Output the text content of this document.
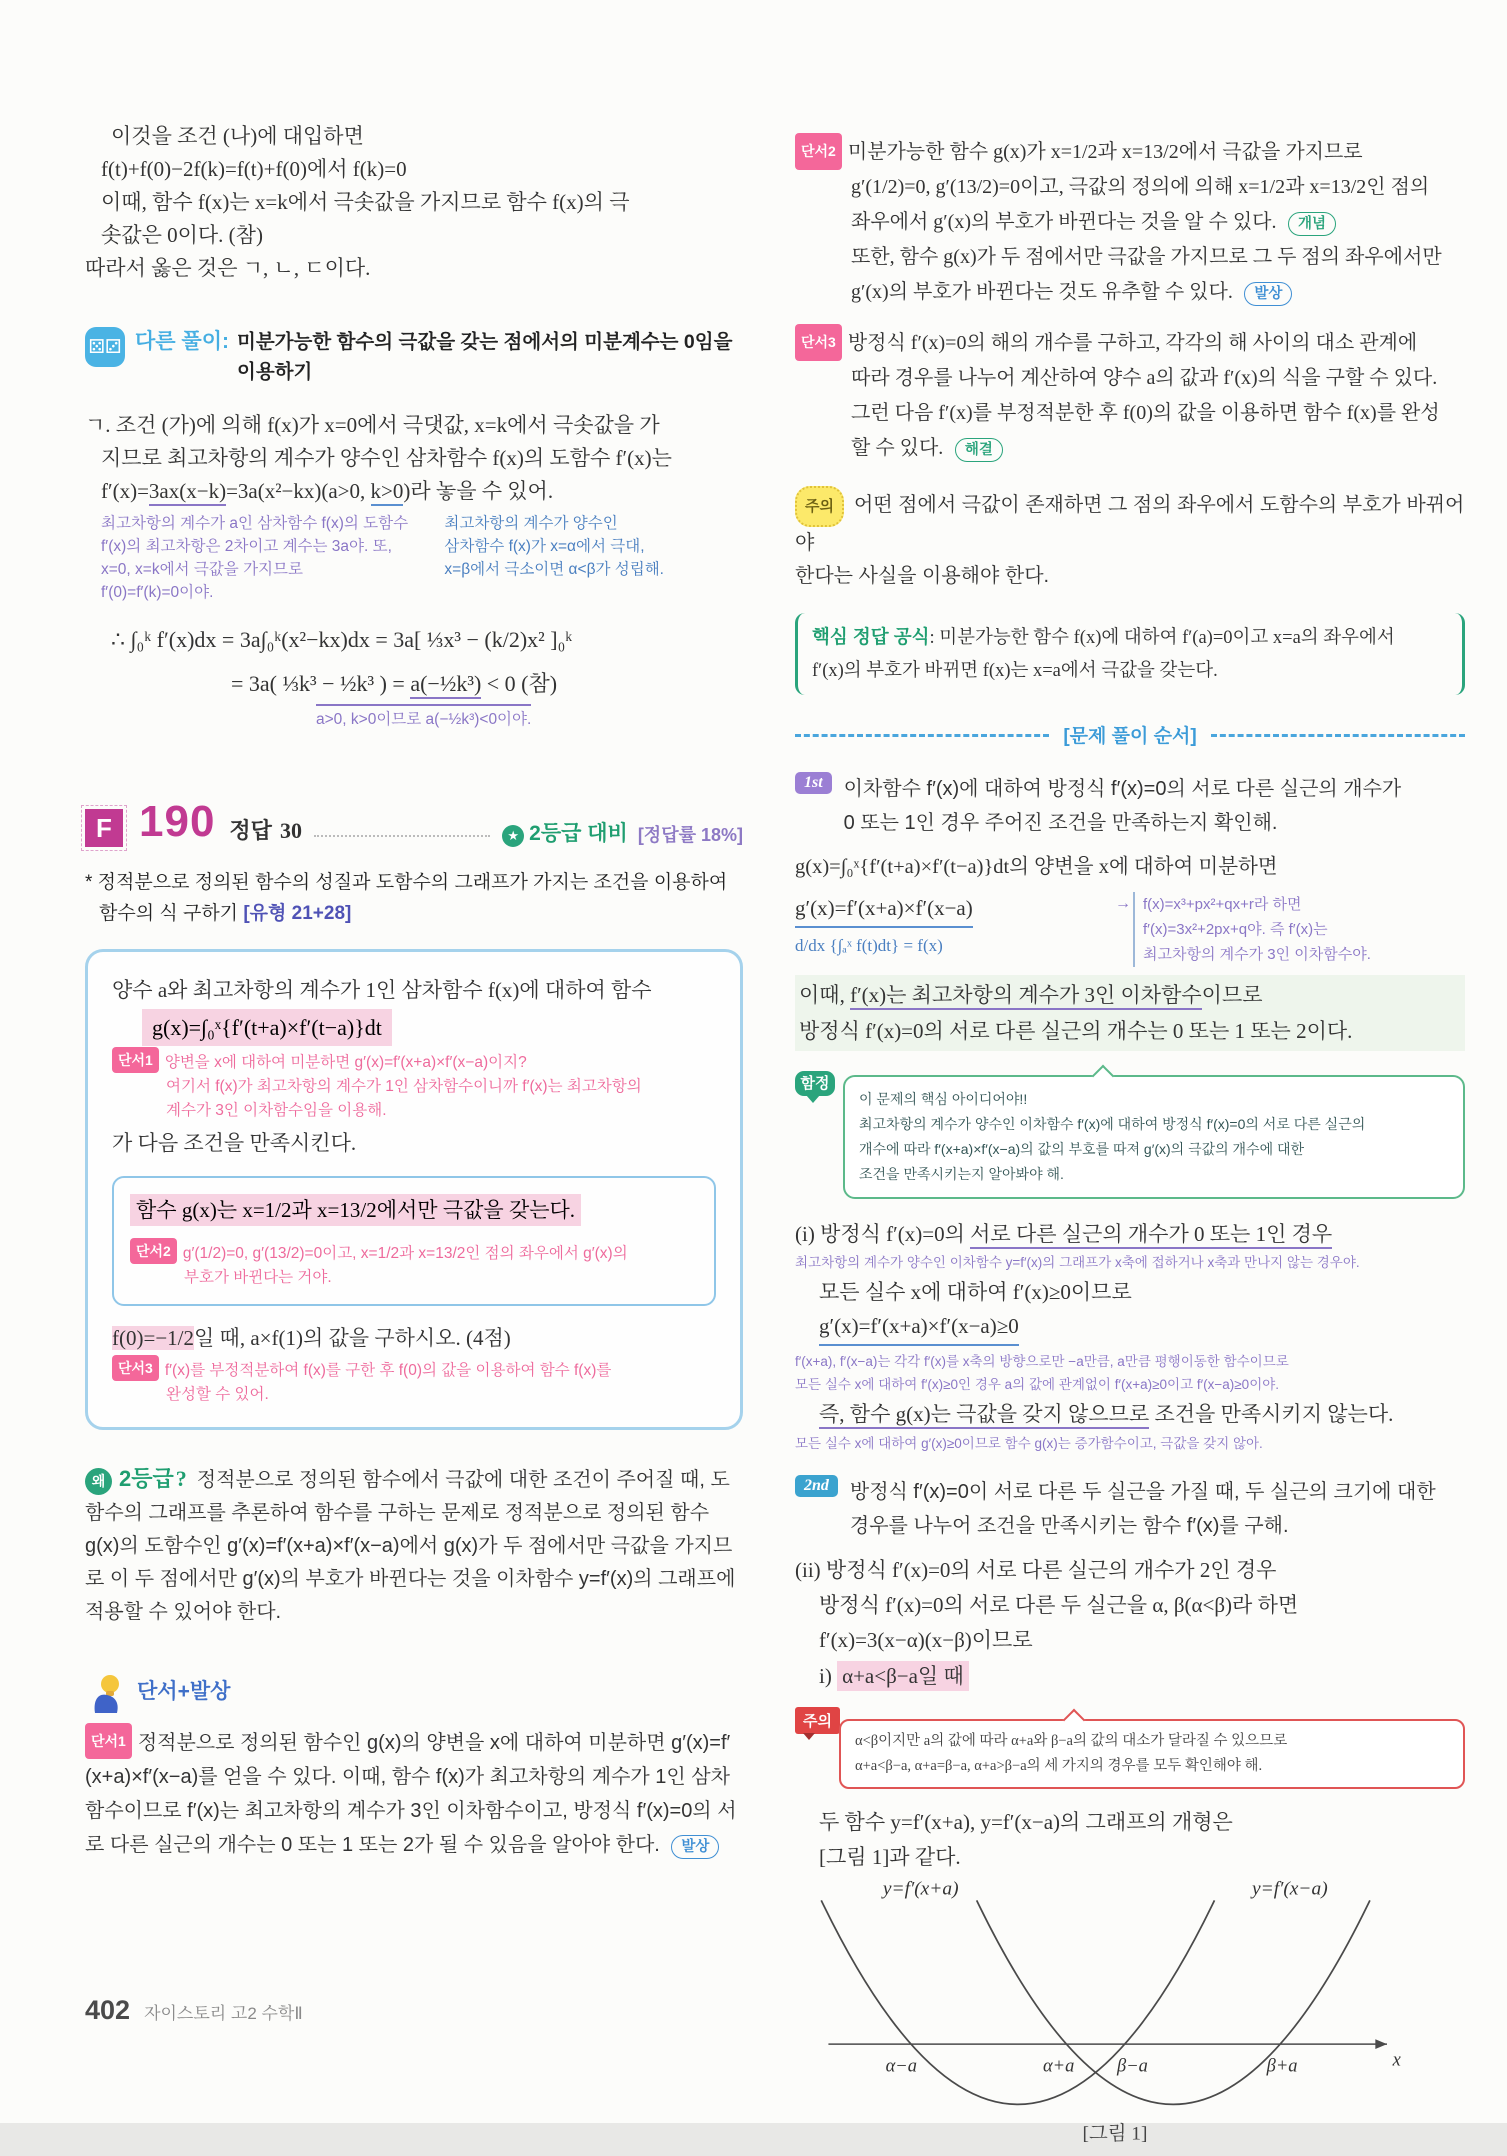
이것을 조건 (나)에 대입하면
f(t)+f(0)−2f(k)=f(t)+f(0)에서 f(k)=0
이때, 함수 f(x)는 x=k에서 극솟값을 가지므로 함수 f(x)의 극
솟값은 0이다. (참)
따라서 옳은 것은 ㄱ, ㄴ, ㄷ이다.
⚄⚂ 다른 풀이: 미분가능한 함수의 극값을 갖는 점에서의 미분계수는 0임을
이용하기
ㄱ. 조건 (가)에 의해 f(x)가 x=0에서 극댓값, x=k에서 극솟값을 가
지므로 최고차항의 계수가 양수인 삼차함수 f(x)의 도함수 f′(x)는
f′(x)=3ax(x−k)=3a(x²−kx)(a>0, k>0)라 놓을 수 있어.
최고차항의 계수가 a인 삼차함수 f(x)의 도함수
f′(x)의 최고차항은 2차이고 계수는 3a야. 또,
x=0, x=k에서 극값을 가지므로
f′(0)=f′(k)=0이야.
최고차항의 계수가 양수인
삼차함수 f(x)가 x=α에서 극대,
x=β에서 극소이면 α<β가 성립해.
∴ ∫₀ᵏ f′(x)dx = 3a∫₀ᵏ(x²−kx)dx = 3a[ ⅓x³ − (k/2)x² ]₀ᵏ
= 3a( ⅓k³ − ½k³ ) = a(−½k³) < 0 (참)
a>0, k>0이므로 a(−½k³)<0이야.
F 190 정답 30	★ 2등급 대비 [정답률 18%]
* 정적분으로 정의된 함수의 성질과 도함수의 그래프가 가지는 조건을 이용하여
함수의 식 구하기 [유형 21+28]
양수 a와 최고차항의 계수가 1인 삼차함수 f(x)에 대하여 함수
g(x)=∫₀ˣ{f′(t+a)×f′(t−a)}dt
단서1 양변을 x에 대하여 미분하면 g′(x)=f′(x+a)×f′(x−a)이지?
여기서 f(x)가 최고차항의 계수가 1인 삼차함수이니까 f′(x)는 최고차항의
계수가 3인 이차함수임을 이용해.
가 다음 조건을 만족시킨다.
함수 g(x)는 x=1/2과 x=13/2에서만 극값을 갖는다.
단서2 g′(1/2)=0, g′(13/2)=0이고, x=1/2과 x=13/2인 점의 좌우에서 g′(x)의
부호가 바뀐다는 거야.
f(0)=−1/2일 때, a×f(1)의 값을 구하시오. (4점)
단서3 f′(x)를 부정적분하여 f(x)를 구한 후 f(0)의 값을 이용하여 함수 f(x)를
완성할 수 있어.
왜 2등급? 정적분으로 정의된 함수에서 극값에 대한 조건이 주어질 때, 도함수의 그래프를 추론하여 함수를 구하는 문제로 정적분으로 정의된 함수 g(x)의 도함수인 g′(x)=f′(x+a)×f′(x−a)에서 g(x)가 두 점에서만 극값을 가지므로 이 두 점에서만 g′(x)의 부호가 바뀐다는 것을 이차함수 y=f′(x)의 그래프에 적용할 수 있어야 한다.
단서+발상
단서1 정적분으로 정의된 함수인 g(x)의 양변을 x에 대하여 미분하면 g′(x)=f′(x+a)×f′(x−a)를 얻을 수 있다. 이때, 함수 f(x)가 최고차항의 계수가 1인 삼차함수이므로 f′(x)는 최고차항의 계수가 3인 이차함수이고, 방정식 f′(x)=0의 서로 다른 실근의 개수는 0 또는 1 또는 2가 될 수 있음을 알아야 한다. 발상
단서2 미분가능한 함수 g(x)가 x=1/2과 x=13/2에서 극값을 가지므로
g′(1/2)=0, g′(13/2)=0이고, 극값의 정의에 의해 x=1/2과 x=13/2인 점의
좌우에서 g′(x)의 부호가 바뀐다는 것을 알 수 있다. 개념
또한, 함수 g(x)가 두 점에서만 극값을 가지므로 그 두 점의 좌우에서만
g′(x)의 부호가 바뀐다는 것도 유추할 수 있다. 발상
단서3 방정식 f′(x)=0의 해의 개수를 구하고, 각각의 해 사이의 대소 관계에
따라 경우를 나누어 계산하여 양수 a의 값과 f′(x)의 식을 구할 수 있다.
그런 다음 f′(x)를 부정적분한 후 f(0)의 값을 이용하면 함수 f(x)를 완성
할 수 있다. 해결
주의 어떤 점에서 극값이 존재하면 그 점의 좌우에서 도함수의 부호가 바뀌어야
한다는 사실을 이용해야 한다.
핵심 정답 공식: 미분가능한 함수 f(x)에 대하여 f′(a)=0이고 x=a의 좌우에서
f′(x)의 부호가 바뀌면 f(x)는 x=a에서 극값을 갖는다.
[문제 풀이 순서]
1st	이차함수 f′(x)에 대하여 방정식 f′(x)=0의 서로 다른 실근의 개수가
0 또는 1인 경우 주어진 조건을 만족하는지 확인해.
g(x)=∫₀ˣ{f′(t+a)×f′(t−a)}dt의 양변을 x에 대하여 미분하면
g′(x)=f′(x+a)×f′(x−a)
d/dx {∫ₐˣ f(t)dt} = f(x)
→ f(x)=x³+px²+qx+r라 하면
f′(x)=3x²+2px+q야. 즉 f′(x)는
최고차항의 계수가 3인 이차함수야.
이때, f′(x)는 최고차항의 계수가 3인 이차함수이므로
방정식 f′(x)=0의 서로 다른 실근의 개수는 0 또는 1 또는 2이다.
함정
이 문제의 핵심 아이디어야!!
최고차항의 계수가 양수인 이차함수 f′(x)에 대하여 방정식 f′(x)=0의 서로 다른 실근의
개수에 따라 f′(x+a)×f′(x−a)의 값의 부호를 따져 g′(x)의 극값의 개수에 대한
조건을 만족시키는지 알아봐야 해.
(i) 방정식 f′(x)=0의 서로 다른 실근의 개수가 0 또는 1인 경우
최고차항의 계수가 양수인 이차함수 y=f′(x)의 그래프가 x축에 접하거나 x축과 만나지 않는 경우야.
모든 실수 x에 대하여 f′(x)≥0이므로
g′(x)=f′(x+a)×f′(x−a)≥0
f′(x+a), f′(x−a)는 각각 f′(x)를 x축의 방향으로만 −a만큼, a만큼 평행이동한 함수이므로
모든 실수 x에 대하여 f′(x)≥0인 경우 a의 값에 관계없이 f′(x+a)≥0이고 f′(x−a)≥0이야.
즉, 함수 g(x)는 극값을 갖지 않으므로 조건을 만족시키지 않는다.
모든 실수 x에 대하여 g′(x)≥0이므로 함수 g(x)는 증가함수이고, 극값을 갖지 않아.
2nd	방정식 f′(x)=0이 서로 다른 두 실근을 가질 때, 두 실근의 크기에 대한
경우를 나누어 조건을 만족시키는 함수 f′(x)를 구해.
(ii) 방정식 f′(x)=0의 서로 다른 실근의 개수가 2인 경우
방정식 f′(x)=0의 서로 다른 두 실근을 α, β(α<β)라 하면
f′(x)=3(x−α)(x−β)이므로
i) α+a<β−a일 때
주의
α<β이지만 a의 값에 따라 α+a와 β−a의 값의 대소가 달라질 수 있으므로
α+a<β−a, α+a=β−a, α+a>β−a의 세 가지의 경우를 모두 확인해야 해.
두 함수 y=f′(x+a), y=f′(x−a)의 그래프의 개형은
[그림 1]과 같다.
y=f′(x+a)	y=f′(x−a)
α−a	α+a β−a	β+a	x
[그림 1]
402 자이스토리 고2 수학Ⅱ
